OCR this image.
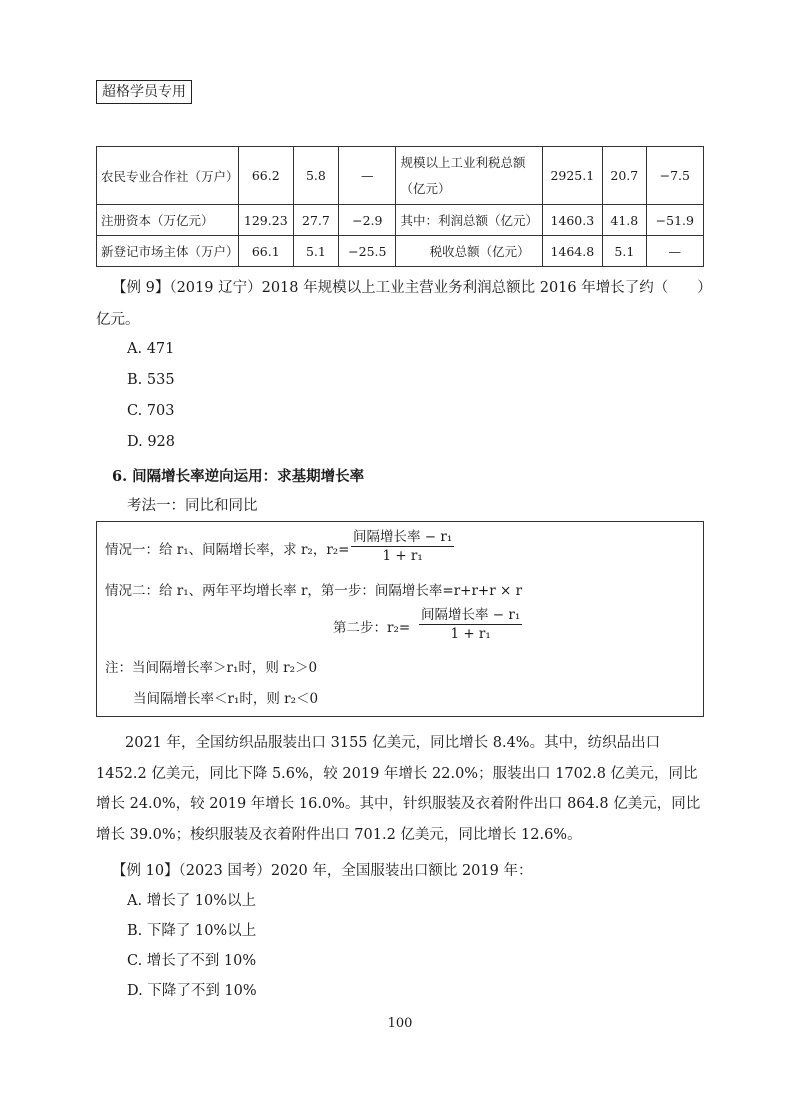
超格学员专用
农民专业合作社（万户）	66.2	5.8	—	规模以上工业利税总额（亿元）	2925.1	20.7	−7.5
注册资本（万亿元）	129.23	27.7	−2.9	其中：利润总额（亿元）	1460.3	41.8	−51.9
新登记市场主体（万户）	66.1	5.1	−25.5	税收总额（亿元）	1464.8	5.1	—
【例 9】（2019 辽宁）2018 年规模以上工业主营业务利润总额比 2016 年增长了约（　　）
亿元。
A. 471
B. 535
C. 703
D. 928
6. 间隔增长率逆向运用：求基期增长率
考法一：同比和同比
情况一：给 r₁、间隔增长率，求 r₂，r₂=
间隔增长率 − r₁
1 + r₁
情况二：给 r₁、两年平均增长率 r，第一步：间隔增长率=r+r+r × r
第二步：r₂=
间隔增长率 − r₁
1 + r₁
注：当间隔增长率＞r₁时，则 r₂＞0
当间隔增长率＜r₁时，则 r₂＜0

2021 年，全国纺织品服装出口 3155 亿美元，同比增长 8.4%。其中，纺织品出口 1452.2 亿美元，同比下降 5.6%，较 2019 年增长 22.0%；服装出口 1702.8 亿美元，同比增长 24.0%，较 2019 年增长 16.0%。其中，针织服装及衣着附件出口 864.8 亿美元，同比增长 39.0%；梭织服装及衣着附件出口 701.2 亿美元，同比增长 12.6%。

【例 10】（2023 国考）2020 年，全国服装出口额比 2019 年：
A. 增长了 10%以上
B. 下降了 10%以上
C. 增长了不到 10%
D. 下降了不到 10%
100
